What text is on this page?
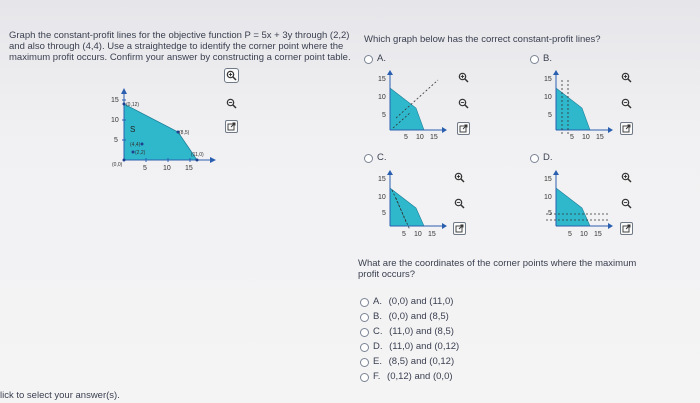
Graph the constant-profit lines for the objective function P = 5x + 3y through (2,2)
and also through (4,4). Use a straightedge to identify the corner point where the
maximum profit occurs. Confirm your answer by constructing a corner point table.
15
10
5
5 10 15
(0,12)
(8,5)
(4,4)
(2,2)	(11,0)
(0,0)
S
Which graph below has the correct constant-profit lines?
A.	B.
C.	D.
15
10
5
5 10 15
15
10
5
5 10 15
15
10
5
5 10 15
15
10
5
5 10 15
What are the coordinates of the corner points where the maximum
profit occurs?
A. (0,0) and (11,0)
B. (0,0) and (8,5)
C. (11,0) and (8,5)
D. (11,0) and (0,12)
E. (8,5) and (0,12)
F. (0,12) and (0,0)
lick to select your answer(s).
